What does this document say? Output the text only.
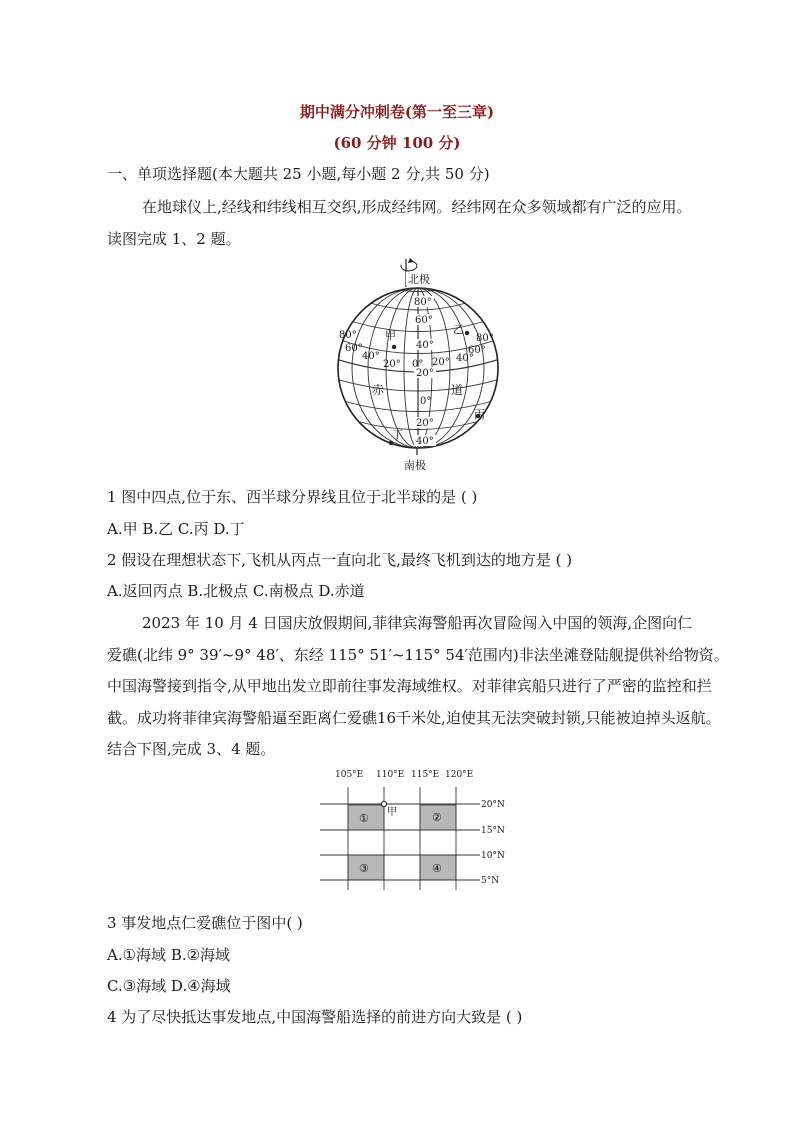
期中满分冲刺卷(第一至三章)
(60 分钟 100 分)
一、单项选择题(本大题共 25 小题,每小题 2 分,共 50 分)
在地球仪上,经线和纬线相互交织,形成经纬网。经纬网在众多领域都有广泛的应用。
读图完成 1、2 题。
北极
80°
60°
40°
20°
0°
20°
40°
80°
60°
40°
20° 0° 20° 40°
60°
80°
甲	乙
丙
丁
赤	道
南极
1 图中四点,位于东、西半球分界线且位于北半球的是 ( )
A.甲 B.乙 C.丙 D.丁
2 假设在理想状态下,飞机从丙点一直向北飞,最终飞机到达的地方是 ( )
A.返回丙点 B.北极点 C.南极点 D.赤道
2023 年 10 月 4 日国庆放假期间,菲律宾海警船再次冒险闯入中国的领海,企图向仁
爱礁(北纬 9° 39′~9° 48′、东经 115° 51′~115° 54′范围内)非法坐滩登陆舰提供补给物资。
中国海警接到指令,从甲地出发立即前往事发海域维权。对菲律宾船只进行了严密的监控和拦
截。成功将菲律宾海警船逼至距离仁爱礁16千米处,迫使其无法突破封锁,只能被迫掉头返航。
结合下图,完成 3、4 题。
105°E 110°E 115°E 120°E
20°N
15°N
10°N
5°N
甲
①	②
③	④
3 事发地点仁爱礁位于图中( )
A.①海域 B.②海域
C.③海域 D.④海域
4 为了尽快抵达事发地点,中国海警船选择的前进方向大致是 ( )
